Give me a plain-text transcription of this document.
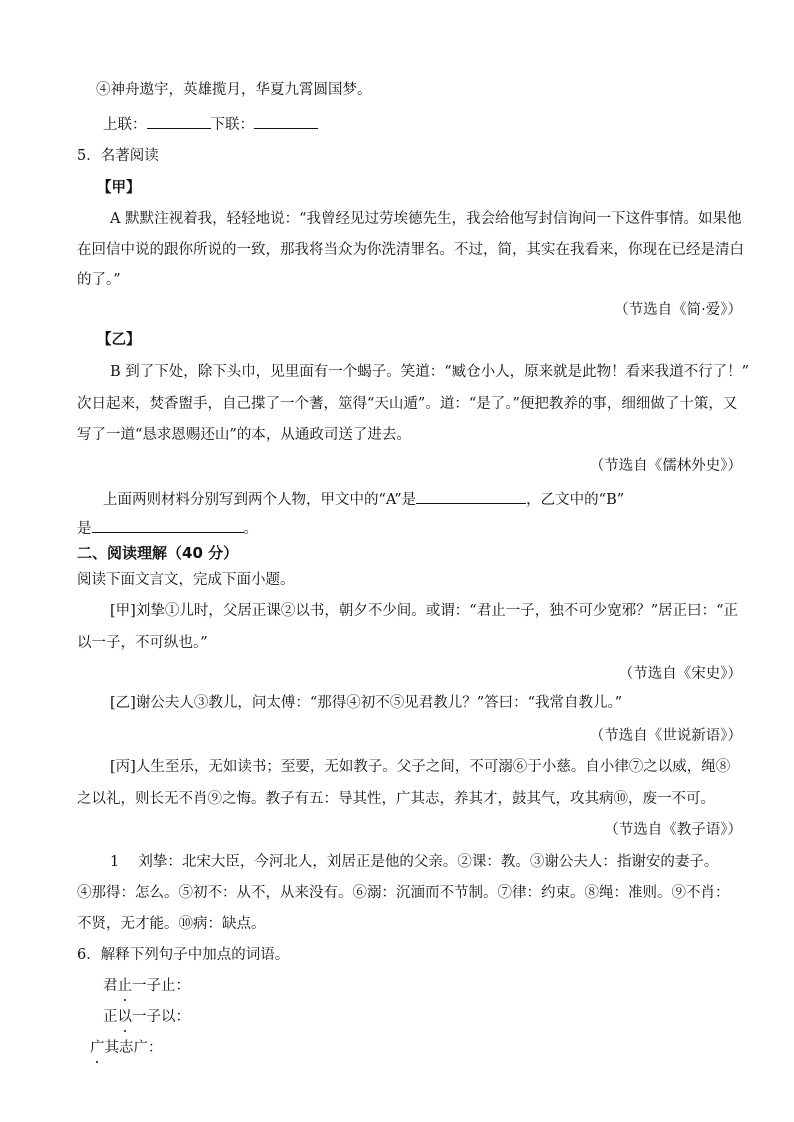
④神舟遨宇，英雄揽月，华夏九霄圆国梦。
上联：	下联：
5．名著阅读
【甲】
A 默默注视着我，轻轻地说：“我曾经见过劳埃德先生，我会给他写封信询问一下这件事情。如果他
在回信中说的跟你所说的一致，那我将当众为你洗清罪名。不过，简，其实在我看来，你现在已经是清白
的了。”
（节选自《简·爱》）
【乙】
B 到了下处，除下头巾，见里面有一个蝎子。笑道：“臧仓小人，原来就是此物！看来我道不行了！”
次日起来，焚香盥手，自己揲了一个蓍，筮得“天山遁”。道：“是了。”便把教养的事，细细做了十策，又
写了一道“恳求恩赐还山”的本，从通政司送了进去。
（节选自《儒林外史》）
上面两则材料分别写到两个人物，甲文中的“A”是	，乙文中的“B”
是	。
二、阅读理解（40 分）
阅读下面文言文，完成下面小题。
[甲]刘挚①儿时，父居正课②以书，朝夕不少间。或谓：“君止一子，独不可少宽邪？”居正曰：“正
以一子，不可纵也。”
（节选自《宋史》）
[乙]谢公夫人③教儿，问太傅：“那得④初不⑤见君教儿？”答曰：“我常自教儿。”
（节选自《世说新语》）
[丙]人生至乐，无如读书；至要，无如教子。父子之间，不可溺⑥于小慈。自小律⑦之以威，绳⑧
之以礼，则长无不肖⑨之悔。教子有五：导其性，广其志，养其才，鼓其气，攻其病⑩，废一不可。
（节选自《教子语》）
1　 刘挚：北宋大臣，今河北人，刘居正是他的父亲。②课：教。③谢公夫人：指谢安的妻子。
④那得：怎么。⑤初不：从不，从来没有。⑥溺：沉湎而不节制。⑦律：约束。⑧绳：准则。⑨不肖：
不贤，无才能。⑩病：缺点。
6．解释下列句子中加点的词语。
君止一子止：
正以一子以：
广其志广：
